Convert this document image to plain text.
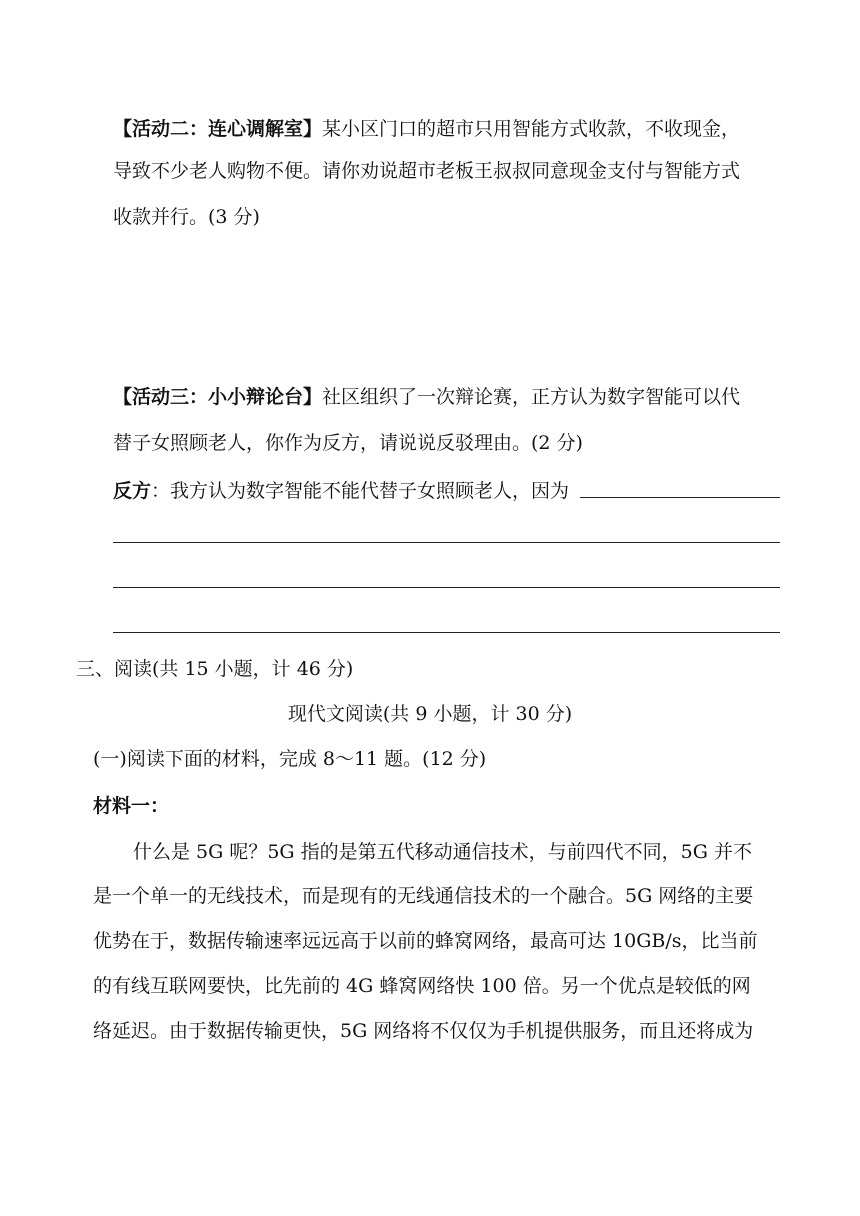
【活动二：连心调解室】某小区门口的超市只用智能方式收款，不收现金，
导致不少老人购物不便。请你劝说超市老板王叔叔同意现金支付与智能方式
收款并行。(3 分)
【活动三：小小辩论台】社区组织了一次辩论赛，正方认为数字智能可以代
替子女照顾老人，你作为反方，请说说反驳理由。(2 分)
反方：我方认为数字智能不能代替子女照顾老人，因为
三、阅读(共 15 小题，计 46 分)
现代文阅读(共 9 小题，计 30 分)
(一)阅读下面的材料，完成 8～11 题。(12 分)
材料一：
什么是 5G 呢？5G 指的是第五代移动通信技术，与前四代不同，5G 并不
是一个单一的无线技术，而是现有的无线通信技术的一个融合。5G 网络的主要
优势在于，数据传输速率远远高于以前的蜂窝网络，最高可达 10GB/s，比当前
的有线互联网要快，比先前的 4G 蜂窝网络快 100 倍。另一个优点是较低的网
络延迟。由于数据传输更快，5G 网络将不仅仅为手机提供服务，而且还将成为
